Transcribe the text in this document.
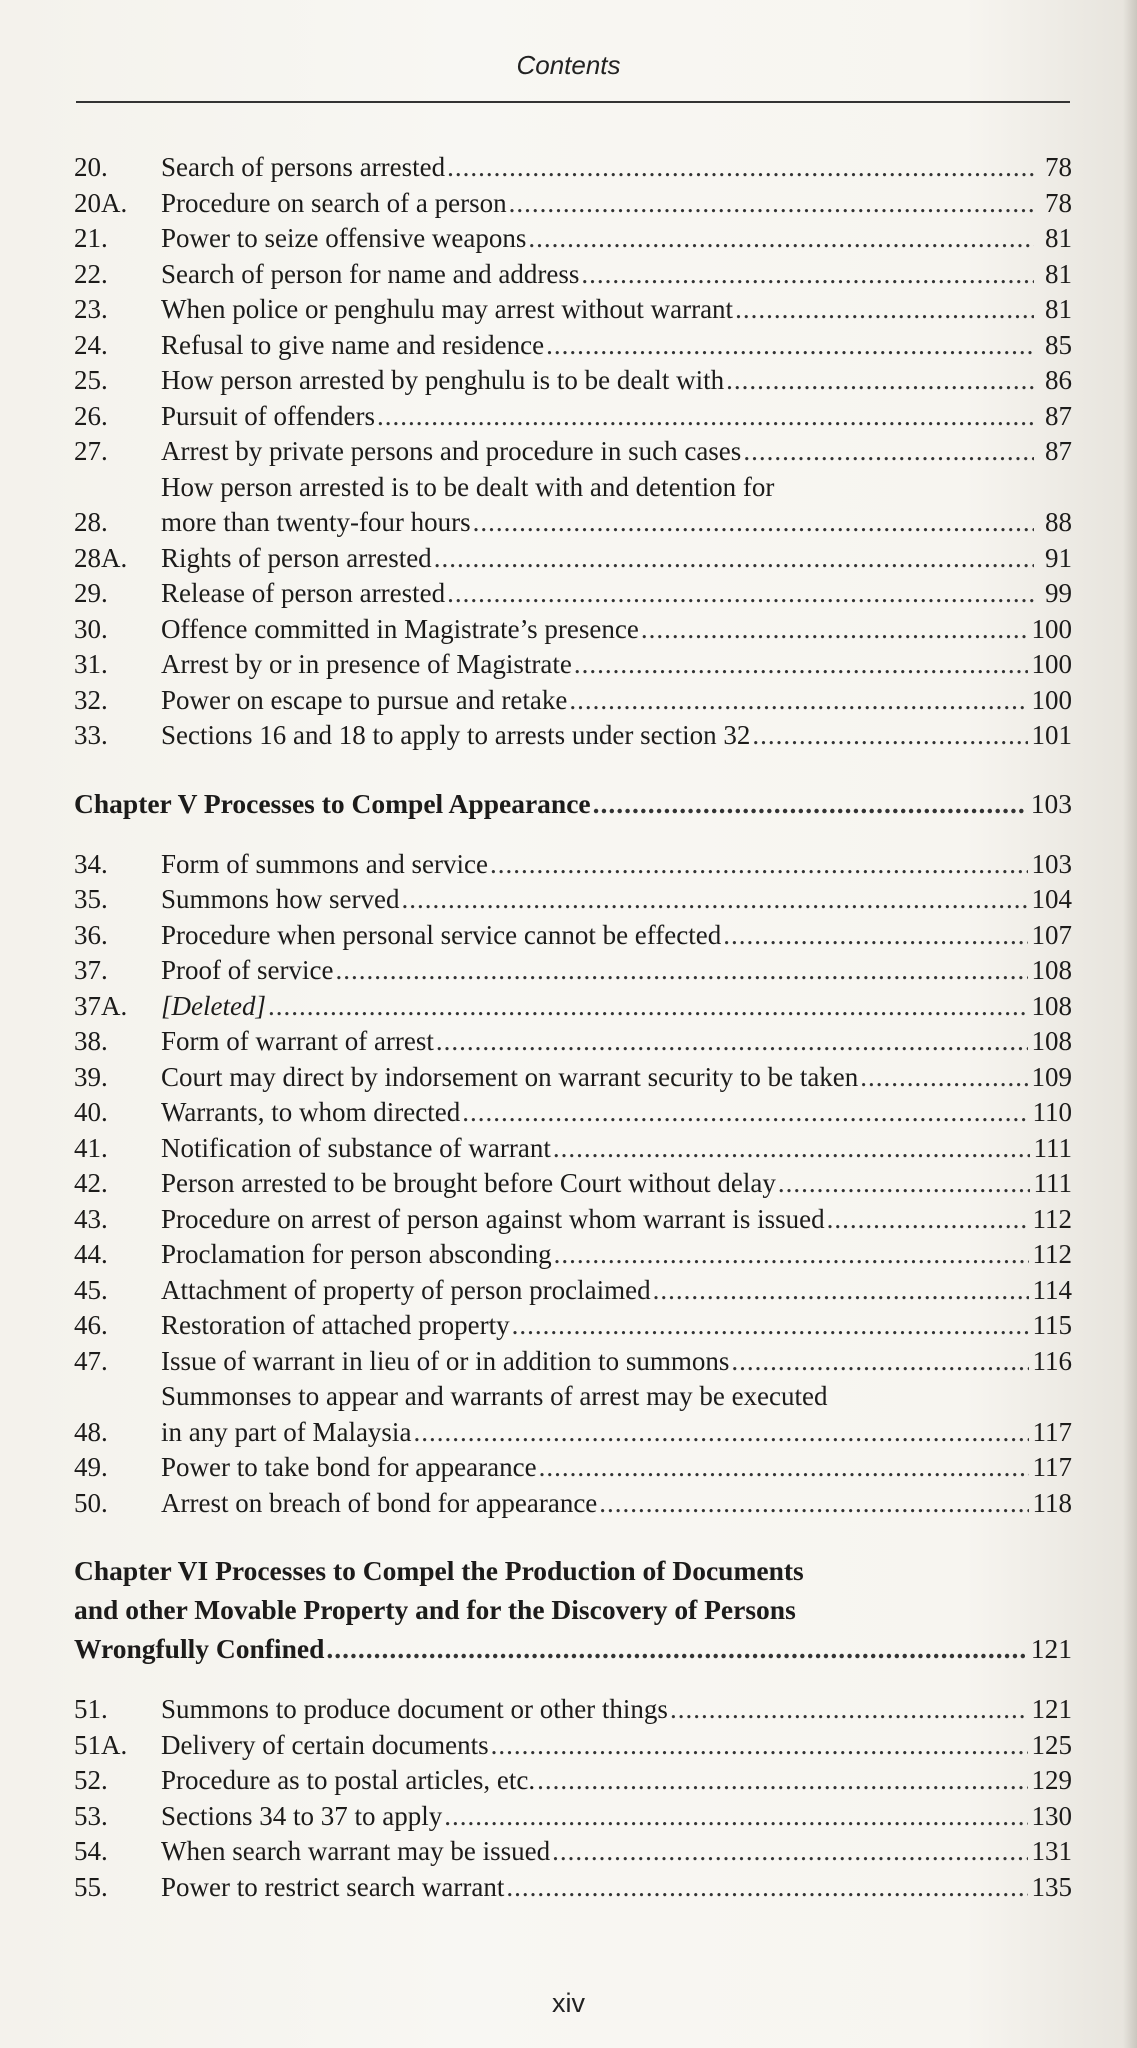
Contents
20.	Search of persons arrested .....	78
20A.	Procedure on search of a person .....	78
21.	Power to seize offensive weapons .....	81
22.	Search of person for name and address .....	81
23.	When police or penghulu may arrest without warrant .....	81
24.	Refusal to give name and residence .....	85
25.	How person arrested by penghulu is to be dealt with .....	86
26.	Pursuit of offenders .....	87
27.	Arrest by private persons and procedure in such cases .....	87
28.
How person arrested is to be dealt with and detention for
more than twenty-four hours .....	88
28A.	Rights of person arrested .....	91
29.	Release of person arrested .....	99
30.	Offence committed in Magistrate’s presence .....	100
31.	Arrest by or in presence of Magistrate .....	100
32.	Power on escape to pursue and retake .....	100
33.	Sections 16 and 18 to apply to arrests under section 32 .....	101
Chapter V Processes to Compel Appearance .....	103
34.	Form of summons and service .....	103
35.	Summons how served .....	104
36.	Procedure when personal service cannot be effected .....	107
37.	Proof of service .....	108
37A.	[Deleted] .....	108
38.	Form of warrant of arrest .....	108
39.	Court may direct by indorsement on warrant security to be taken .....	109
40.	Warrants, to whom directed .....	110
41.	Notification of substance of warrant .....	111
42.	Person arrested to be brought before Court without delay .....	111
43.	Procedure on arrest of person against whom warrant is issued .....	112
44.	Proclamation for person absconding .....	112
45.	Attachment of property of person proclaimed .....	114
46.	Restoration of attached property .....	115
47.	Issue of warrant in lieu of or in addition to summons .....	116
48.
Summonses to appear and warrants of arrest may be executed
in any part of Malaysia .....	117
49.	Power to take bond for appearance .....	117
50.	Arrest on breach of bond for appearance .....	118
Chapter VI Processes to Compel the Production of Documents
and other Movable Property and for the Discovery of Persons
Wrongfully Confined .....	121
51.	Summons to produce document or other things .....	121
51A.	Delivery of certain documents .....	125
52.	Procedure as to postal articles, etc. .....	129
53.	Sections 34 to 37 to apply .....	130
54.	When search warrant may be issued .....	131
55.	Power to restrict search warrant .....	135
xiv
